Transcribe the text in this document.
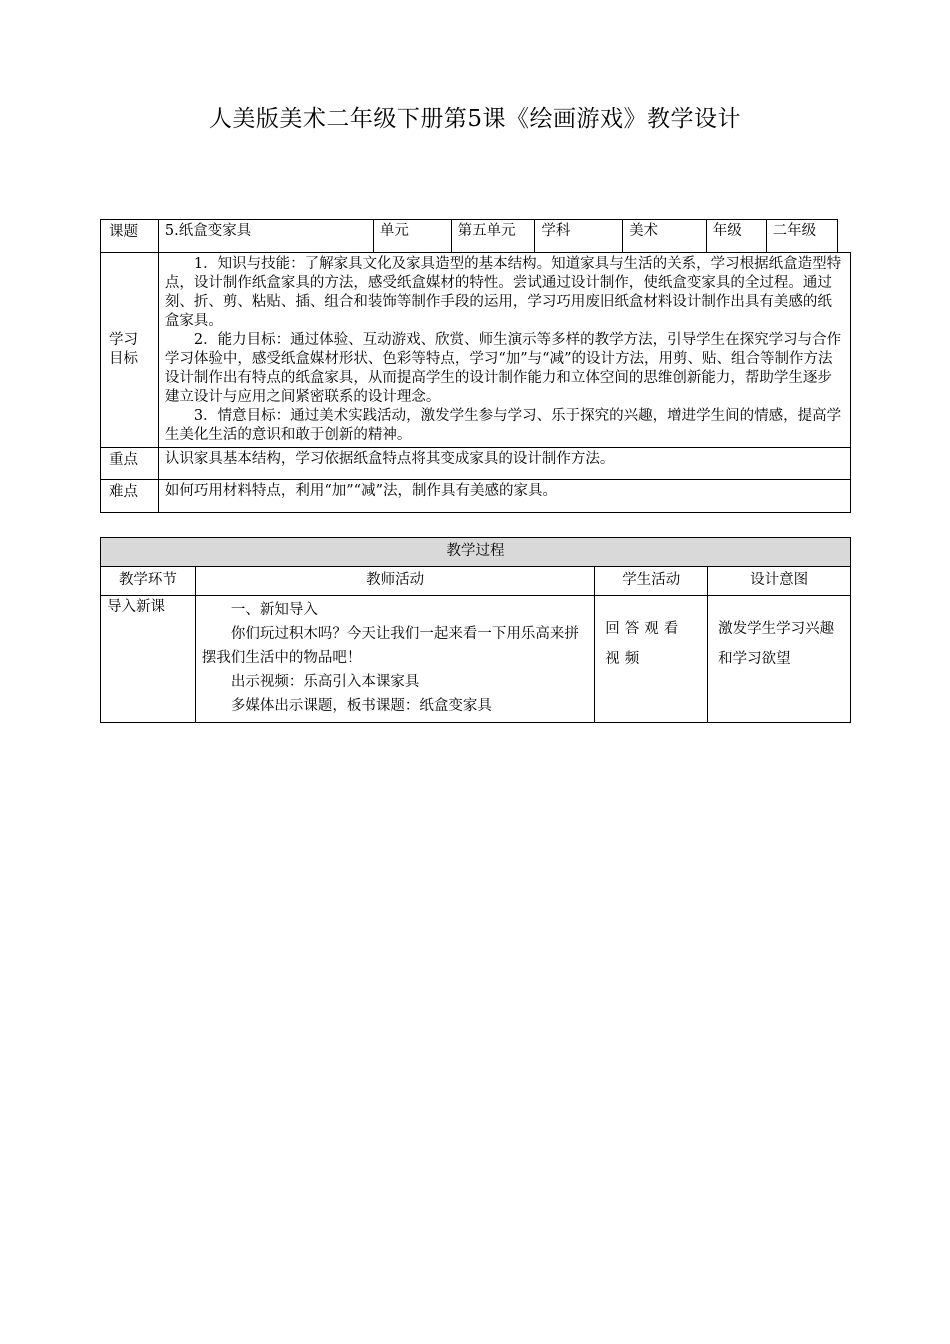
人美版美术二年级下册第5课《绘画游戏》教学设计
课题	5.纸盒变家具	单元	第五单元	学科	美术	年级	二年级	
学习目标	1．知识与技能：了解家具文化及家具造型的基本结构。知道家具与生活的关系，学习根据纸盒造型特点，设计制作纸盒家具的方法，感受纸盒媒材的特性。尝试通过设计制作，使纸盒变家具的全过程。通过刻、折、剪、粘贴、插、组合和装饰等制作手段的运用，学习巧用废旧纸盒材料设计制作出具有美感的纸盒家具。

2．能力目标：通过体验、互动游戏、欣赏、师生演示等多样的教学方法，引导学生在探究学习与合作学习体验中，感受纸盒媒材形状、色彩等特点，学习“加”与“减”的设计方法，用剪、贴、组合等制作方法设计制作出有特点的纸盒家具，从而提高学生的设计制作能力和立体空间的思维创新能力，帮助学生逐步建立设计与应用之间紧密联系的设计理念。

3．情意目标：通过美术实践活动，激发学生参与学习、乐于探究的兴趣，增进学生间的情感，提高学生美化生活的意识和敢于创新的精神。							

重点	认识家具基本结构，学习依据纸盒特点将其变成家具的设计制作方法。							
难点	如何巧用材料特点，利用“加”“减”法，制作具有美感的家具。							
教学过程			
教学环节	教师活动	学生活动	设计意图
导入新课	一、新知导入

你们玩过积木吗？今天让我们一起来看一下用乐高来拼摆我们生活中的物品吧！

出示视频：乐高引入本课家具

多媒体出示课题，板书课题：纸盒变家具	回答观看视频	激发学生学习兴趣和学习欲望
